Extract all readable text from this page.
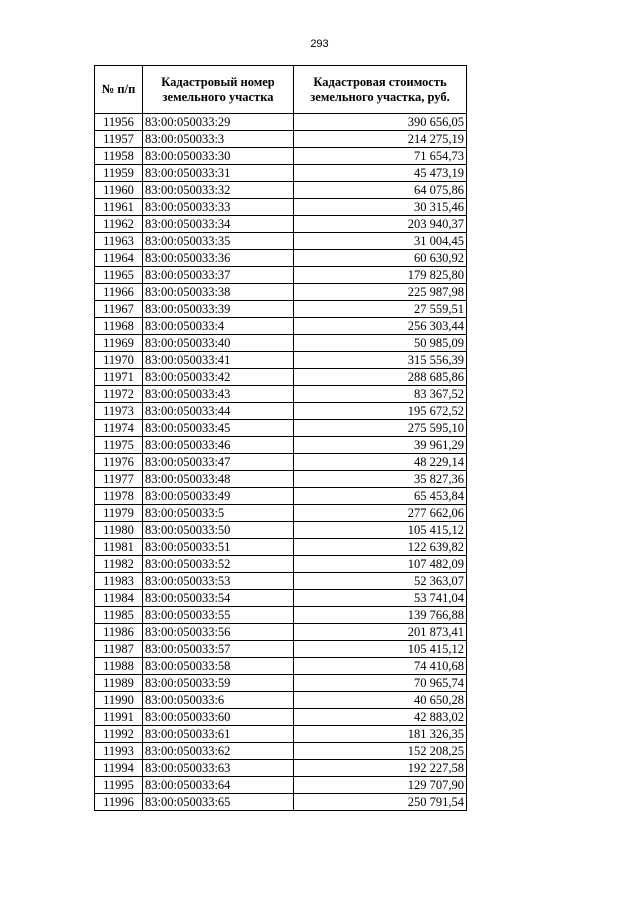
293
№ п/п	Кадастровый номер земельного участка	Кадастровая стоимость земельного участка, руб.
11956	83:00:050033:29	390 656,05
11957	83:00:050033:3	214 275,19
11958	83:00:050033:30	71 654,73
11959	83:00:050033:31	45 473,19
11960	83:00:050033:32	64 075,86
11961	83:00:050033:33	30 315,46
11962	83:00:050033:34	203 940,37
11963	83:00:050033:35	31 004,45
11964	83:00:050033:36	60 630,92
11965	83:00:050033:37	179 825,80
11966	83:00:050033:38	225 987,98
11967	83:00:050033:39	27 559,51
11968	83:00:050033:4	256 303,44
11969	83:00:050033:40	50 985,09
11970	83:00:050033:41	315 556,39
11971	83:00:050033:42	288 685,86
11972	83:00:050033:43	83 367,52
11973	83:00:050033:44	195 672,52
11974	83:00:050033:45	275 595,10
11975	83:00:050033:46	39 961,29
11976	83:00:050033:47	48 229,14
11977	83:00:050033:48	35 827,36
11978	83:00:050033:49	65 453,84
11979	83:00:050033:5	277 662,06
11980	83:00:050033:50	105 415,12
11981	83:00:050033:51	122 639,82
11982	83:00:050033:52	107 482,09
11983	83:00:050033:53	52 363,07
11984	83:00:050033:54	53 741,04
11985	83:00:050033:55	139 766,88
11986	83:00:050033:56	201 873,41
11987	83:00:050033:57	105 415,12
11988	83:00:050033:58	74 410,68
11989	83:00:050033:59	70 965,74
11990	83:00:050033:6	40 650,28
11991	83:00:050033:60	42 883,02
11992	83:00:050033:61	181 326,35
11993	83:00:050033:62	152 208,25
11994	83:00:050033:63	192 227,58
11995	83:00:050033:64	129 707,90
11996	83:00:050033:65	250 791,54
